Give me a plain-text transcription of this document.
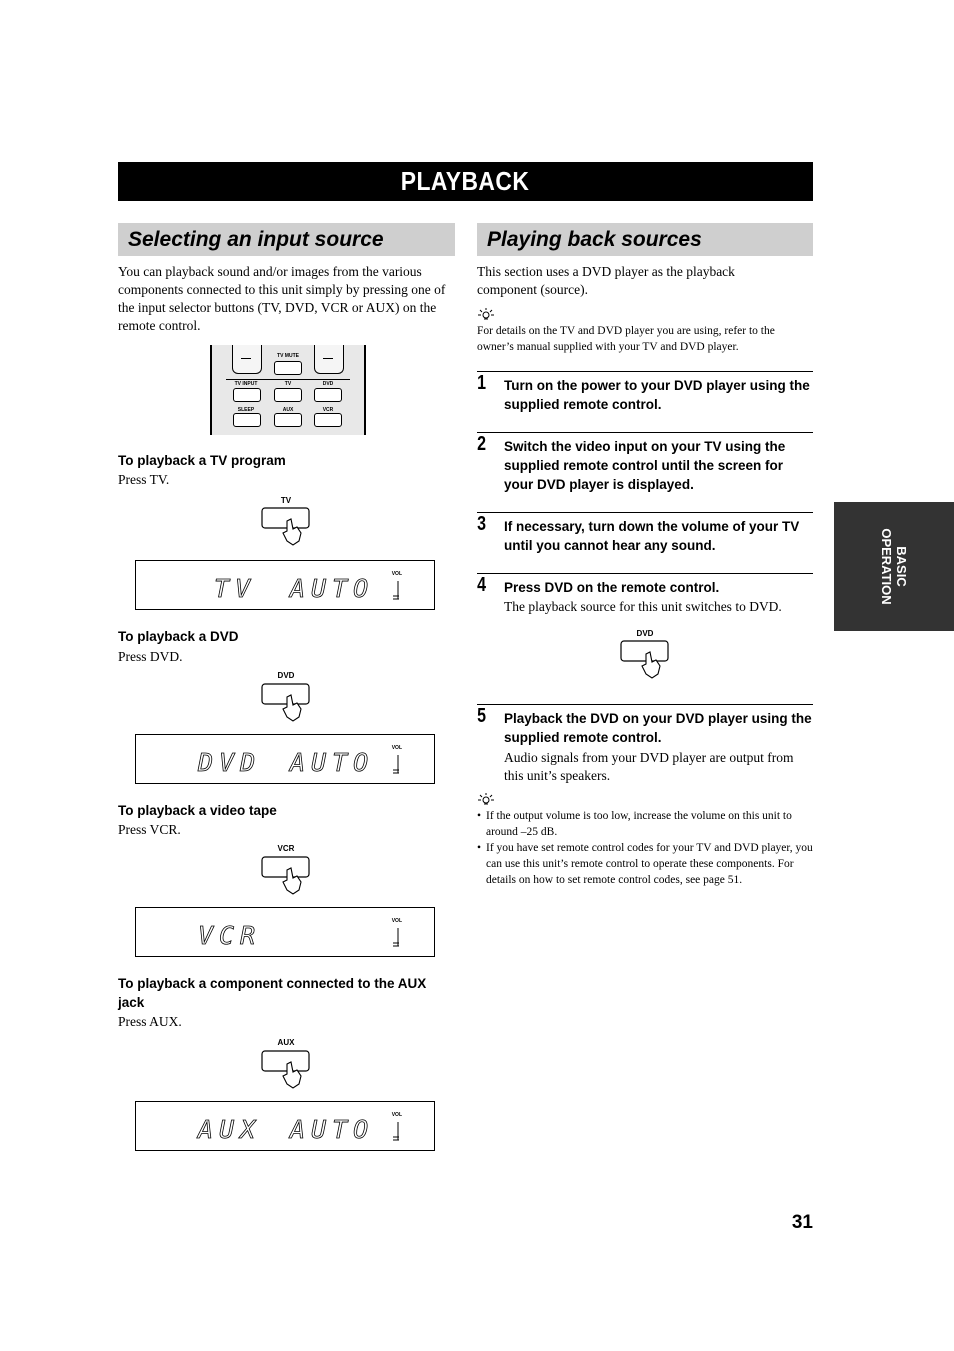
PLAYBACK
Selecting an input source
You can playback sound and/or images from the various components connected to this unit simply by pressing one of the input selector buttons (TV, DVD, VCR or AUX) on the remote control.
TV MUTE
TV INPUT	TV	DVD
SLEEP	AUX	VCR
To playback a TV program
Press TV.
TV
TV AUTO	VOL
To playback a DVD
Press DVD.
DVD
DVD AUTO	VOL
To playback a video tape
Press VCR.
VCR
VCR	VOL
To playback a component connected to the AUX jack
Press AUX.
AUX
AUX AUTO	VOL
Playing back sources
This section uses a DVD player as the playback component (source).
For details on the TV and DVD player you are using, refer to the owner’s manual supplied with your TV and DVD player.
1 Turn on the power to your DVD player using the supplied remote control.
2 Switch the video input on your TV using the supplied remote control until the screen for your DVD player is displayed.
3 If necessary, turn down the volume of your TV until you cannot hear any sound.
4 Press DVD on the remote control.
The playback source for this unit switches to DVD.
DVD
5 Playback the DVD on your DVD player using the supplied remote control.
Audio signals from your DVD player are output from this unit’s speakers.
• If the output volume is too low, increase the volume on this unit to around –25 dB.
• If you have set remote control codes for your TV and DVD player, you can use this unit’s remote control to operate these components. For details on how to set remote control codes, see page 51.
BASIC
OPERATION
31
